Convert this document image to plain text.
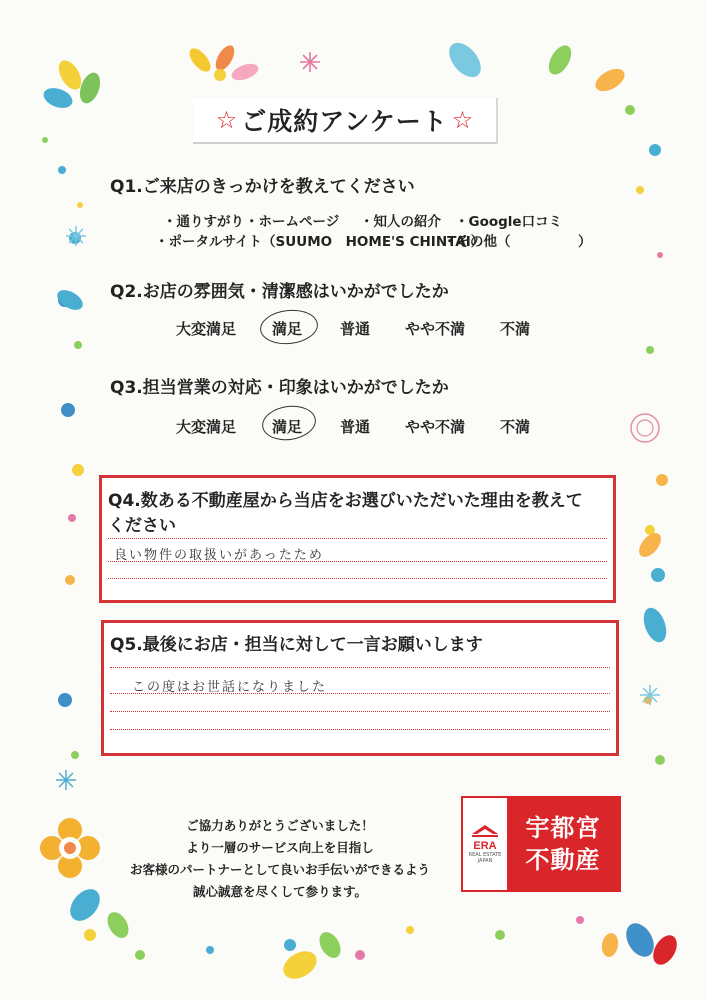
☆ ご成約アンケート ☆
Q1.ご来店のきっかけを教えてください
・通りすがり ・ホームページ ・知人の紹介 ・Google口コミ
・ポータルサイト（SUUMO　HOME'S CHINTAI）
・その他（　　　　　）
Q2.お店の雰囲気・清潔感はいかがでしたか
大変満足 満足	普通 やや不満 不満
Q3.担当営業の対応・印象はいかがでしたか
大変満足 満足	普通 やや不満 不満
Q4.数ある不動産屋から当店をお選びいただいた理由を教えて
ください
良い物件の取扱いがあったため
Q5.最後にお店・担当に対して一言お願いします
この度はお世話になりました
ご協力ありがとうございました！
より一層のサービス向上を目指し
お客様のパートナーとして良いお手伝いができるよう
誠心誠意を尽くして参ります。
ERA
REAL ESTATE
JAPAN
宇都宮
不動産
